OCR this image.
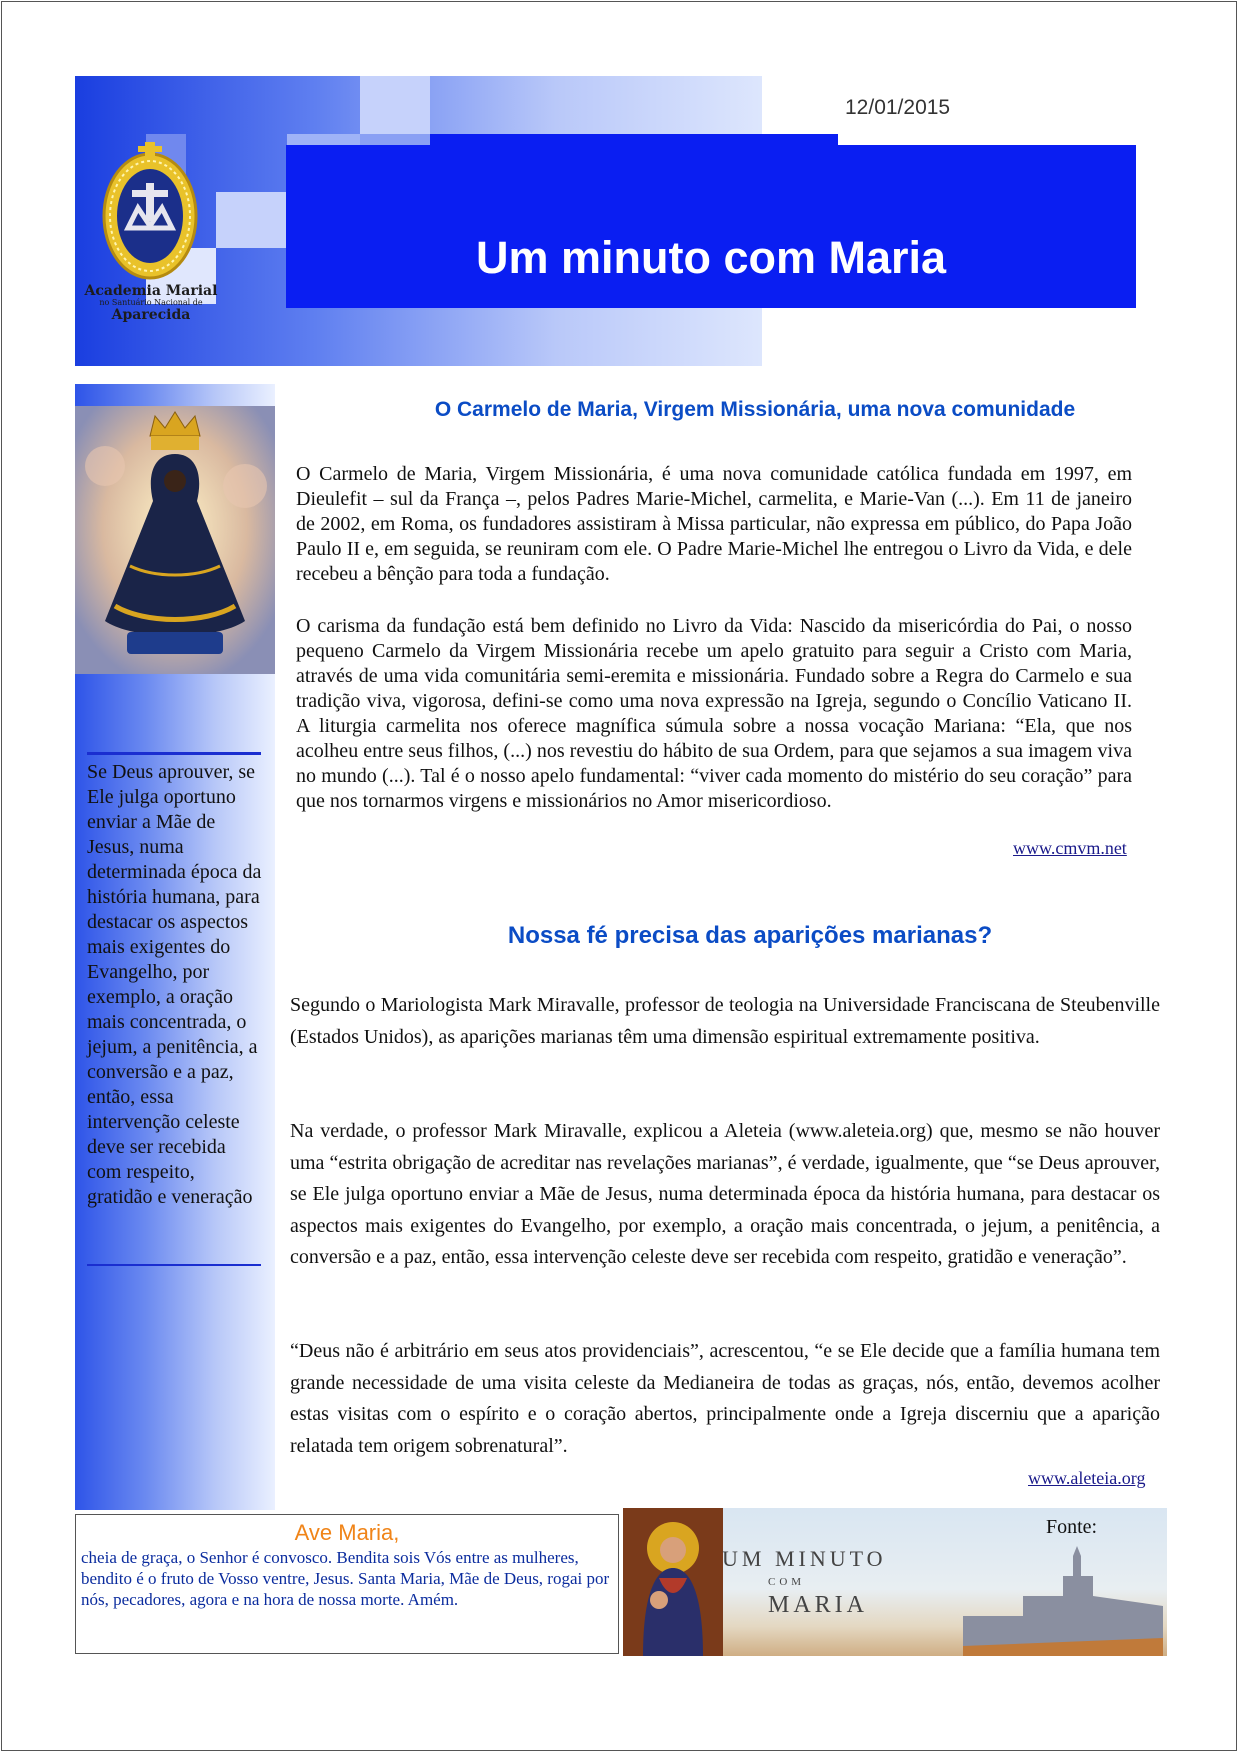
12/01/2015
Um minuto com Maria
Academia Marial
no Santuário Nacional de
Aparecida
Se Deus aprouver, se Ele julga oportuno enviar a Mãe de Jesus, numa determinada época da história humana, para destacar os aspectos mais exigentes do Evangelho, por exemplo, a oração mais concentrada, o jejum, a penitência, a conversão e a paz, então, essa intervenção celeste deve ser recebida com respeito, gratidão e veneração
O Carmelo de Maria, Virgem Missionária, uma nova comunidade
O Carmelo de Maria, Virgem Missionária, é uma nova comunidade católica fundada em 1997, em Dieulefit – sul da França –, pelos Padres Marie-Michel, carmelita, e Marie-Van (...). Em 11 de janeiro de 2002, em Roma, os fundadores assistiram à Missa particular, não expressa em público, do Papa João Paulo II e, em seguida, se reuniram com ele. O Padre Marie-Michel lhe entregou o Livro da Vida, e dele recebeu a bênção para toda a fundação.
O carisma da fundação está bem definido no Livro da Vida: Nascido da misericórdia do Pai, o nosso pequeno Carmelo da Virgem Missionária recebe um apelo gratuito para seguir a Cristo com Maria, através de uma vida comunitária semi-eremita e missionária. Fundado sobre a Regra do Carmelo e sua tradição viva, vigorosa, defini-se como uma nova expressão na Igreja, segundo o Concílio Vaticano II. A liturgia carmelita nos oferece magnífica súmula sobre a nossa vocação Mariana: “Ela, que nos acolheu entre seus filhos, (...) nos revestiu do hábito de sua Ordem, para que sejamos a sua imagem viva no mundo (...). Tal é o nosso apelo fundamental: “viver cada momento do mistério do seu coração” para que nos tornarmos virgens e missionários no Amor misericordioso.
www.cmvm.net
Nossa fé precisa das aparições marianas?
Segundo o Mariologista Mark Miravalle, professor de teologia na Universidade Franciscana de Steubenville (Estados Unidos), as aparições marianas têm uma dimensão espiritual extremamente positiva.
Na verdade, o professor Mark Miravalle, explicou a Aleteia (www.aleteia.org) que, mesmo se não houver uma “estrita obrigação de acreditar nas revelações marianas”, é verdade, igualmente, que “se Deus aprouver, se Ele julga oportuno enviar a Mãe de Jesus, numa determinada época da história humana, para destacar os aspectos mais exigentes do Evangelho, por exemplo, a oração mais concentrada, o jejum, a penitência, a conversão e a paz, então, essa intervenção celeste deve ser recebida com respeito, gratidão e veneração”.
“Deus não é arbitrário em seus atos providenciais”, acrescentou, “e se Ele decide que a família humana tem grande necessidade de uma visita celeste da Medianeira de todas as graças, nós, então, devemos acolher estas visitas com o espírito e o coração abertos, principalmente onde a Igreja discerniu que a aparição relatada tem origem sobrenatural”.
www.aleteia.org
Ave Maria,
cheia de graça, o Senhor é convosco. Bendita sois Vós entre as mulheres, bendito é o fruto de Vosso ventre, Jesus. Santa Maria, Mãe de Deus, rogai por nós, pecadores, agora e na hora de nossa morte. Amém.
UM MINUTO
COM
MARIA
Fonte:
